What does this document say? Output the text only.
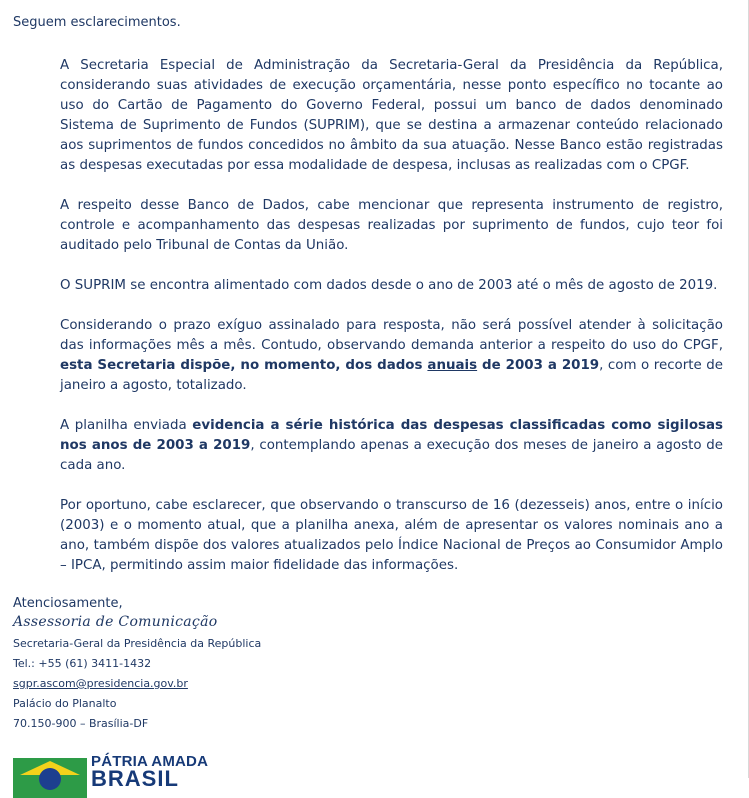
Seguem esclarecimentos.

A Secretaria Especial de Administração da Secretaria-Geral da Presidência da República, considerando suas atividades de execução orçamentária, nesse ponto específico no tocante ao uso do Cartão de Pagamento do Governo Federal, possui um banco de dados denominado Sistema de Suprimento de Fundos (SUPRIM), que se destina a armazenar conteúdo relacionado aos suprimentos de fundos concedidos no âmbito da sua atuação. Nesse Banco estão registradas as despesas executadas por essa modalidade de despesa, inclusas as realizadas com o CPGF.

A respeito desse Banco de Dados, cabe mencionar que representa instrumento de registro, controle e acompanhamento das despesas realizadas por suprimento de fundos, cujo teor foi auditado pelo Tribunal de Contas da União.

O SUPRIM se encontra alimentado com dados desde o ano de 2003 até o mês de agosto de 2019.

Considerando o prazo exíguo assinalado para resposta, não será possível atender à solicitação das informações mês a mês. Contudo, observando demanda anterior a respeito do uso do CPGF, esta Secretaria dispõe, no momento, dos dados anuais de 2003 a 2019, com o recorte de janeiro a agosto, totalizado.

A planilha enviada evidencia a série histórica das despesas classificadas como sigilosas nos anos de 2003 a 2019, contemplando apenas a execução dos meses de janeiro a agosto de cada ano.

Por oportuno, cabe esclarecer, que observando o transcurso de 16 (dezesseis) anos, entre o início (2003) e o momento atual, que a planilha anexa, além de apresentar os valores nominais ano a ano, também dispõe dos valores atualizados pelo Índice Nacional de Preços ao Consumidor Amplo – IPCA, permitindo assim maior fidelidade das informações.

Atenciosamente,

Assessoria de Comunicação

Secretaria-Geral da Presidência da República

Tel.: +55 (61) 3411-1432

sgpr.ascom@presidencia.gov.br

Palácio do Planalto

70.150-900 – Brasília-DF

PÁTRIA AMADA
BRASIL
